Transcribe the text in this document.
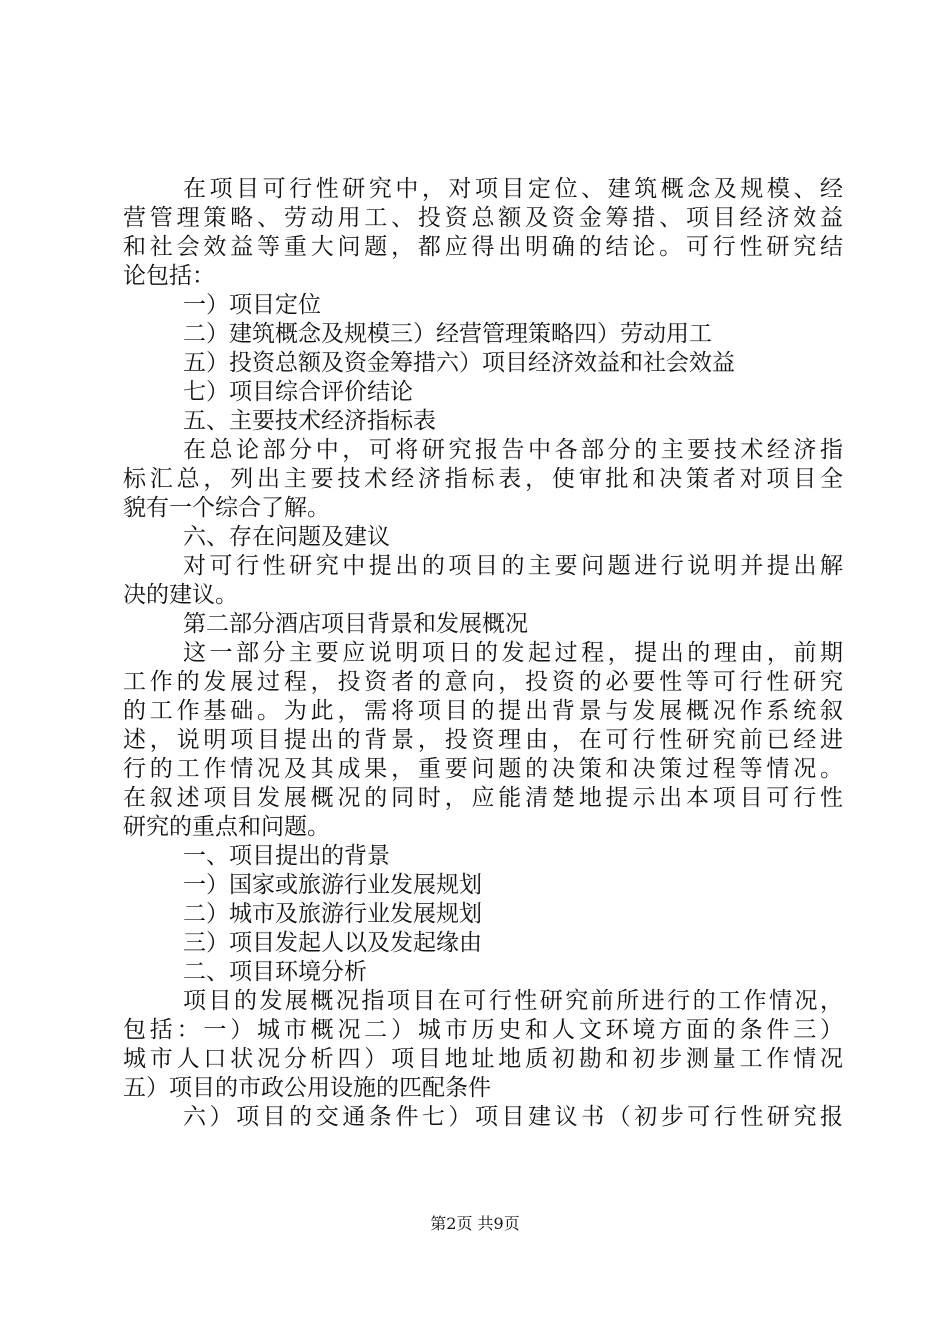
在项目可行性研究中，对项目定位、建筑概念及规模、经
营管理策略、劳动用工、投资总额及资金筹措、项目经济效益
和社会效益等重大问题，都应得出明确的结论。可行性研究结
论包括：
一）项目定位
二）建筑概念及规模三）经营管理策略四）劳动用工
五）投资总额及资金筹措六）项目经济效益和社会效益
七）项目综合评价结论
五、主要技术经济指标表
在总论部分中，可将研究报告中各部分的主要技术经济指
标汇总，列出主要技术经济指标表，使审批和决策者对项目全
貌有一个综合了解。
六、存在问题及建议
对可行性研究中提出的项目的主要问题进行说明并提出解
决的建议。
第二部分酒店项目背景和发展概况
这一部分主要应说明项日的发起过程，提出的理由，前期
工作的发展过程，投资者的意向，投资的必要性等可行性研究
的工作基础。为此，需将项目的提出背景与发展概况作系统叙
述，说明项目提出的背景，投资理由，在可行性研究前已经进
行的工作情况及其成果，重要问题的决策和决策过程等情况。
在叙述项目发展概况的同时，应能清楚地提示出本项目可行性
研究的重点和问题。
一、项目提出的背景
一）国家或旅游行业发展规划
二）城市及旅游行业发展规划
三）项目发起人以及发起缘由
二、项目环境分析
项目的发展概况指项目在可行性研究前所进行的工作情况，
包括：一）城市概况二）城市历史和人文环境方面的条件三）
城市人口状况分析四）项目地址地质初勘和初步测量工作情况
五）项目的市政公用设施的匹配条件
六）项目的交通条件七）项目建议书（初步可行性研究报
第2页 共9页
